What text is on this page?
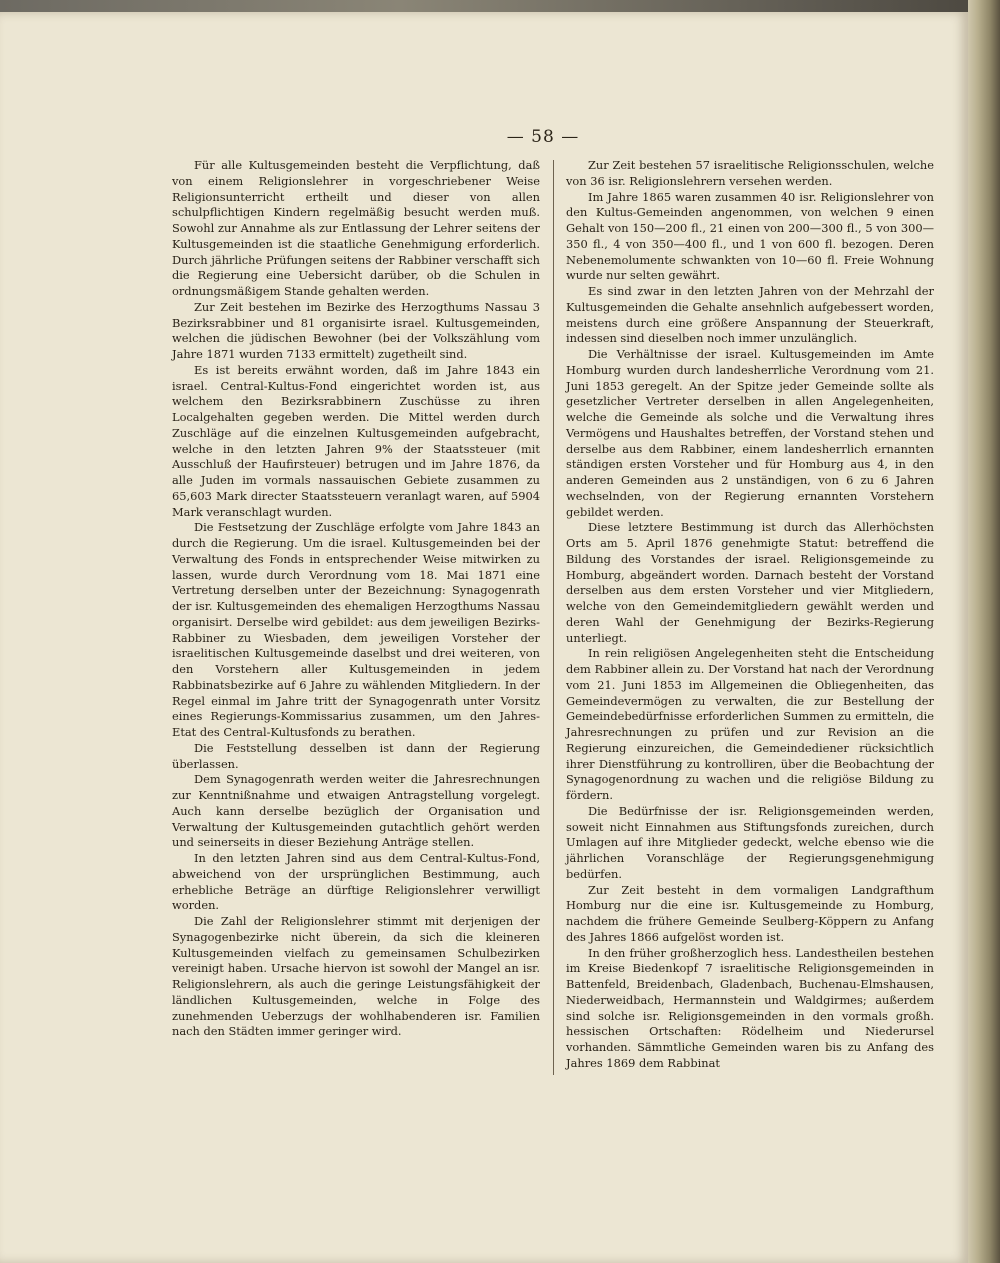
— 58 —

Für alle Kultusgemeinden besteht die Verpflichtung, daß von einem Religionslehrer in vorgeschriebener Weise Religionsunterricht ertheilt und dieser von allen schulpflichtigen Kindern regelmäßig besucht werden muß. Sowohl zur Annahme als zur Entlassung der Lehrer seitens der Kultusgemeinden ist die staatliche Genehmigung erforderlich. Durch jährliche Prüfungen seitens der Rabbiner verschafft sich die Regierung eine Uebersicht darüber, ob die Schulen in ordnungsmäßigem Stande gehalten werden.

Zur Zeit bestehen im Bezirke des Herzogthums Nassau 3 Bezirksrabbiner und 81 organisirte israel. Kultusgemeinden, welchen die jüdischen Bewohner (bei der Volkszählung vom Jahre 1871 wurden 7133 ermittelt) zugetheilt sind.

Es ist bereits erwähnt worden, daß im Jahre 1843 ein israel. Central-Kultus-Fond eingerichtet worden ist, aus welchem den Bezirksrabbinern Zuschüsse zu ihren Localgehalten gegeben werden. Die Mittel werden durch Zuschläge auf die einzelnen Kultusgemeinden aufgebracht, welche in den letzten Jahren 9% der Staatssteuer (mit Ausschluß der Haufirsteuer) betrugen und im Jahre 1876, da alle Juden im vormals nassauischen Gebiete zusammen zu 65,603 Mark directer Staatssteuern veranlagt waren, auf 5904 Mark veranschlagt wurden.

Die Festsetzung der Zuschläge erfolgte vom Jahre 1843 an durch die Regierung. Um die israel. Kultusgemeinden bei der Verwaltung des Fonds in entsprechender Weise mitwirken zu lassen, wurde durch Verordnung vom 18. Mai 1871 eine Vertretung derselben unter der Bezeichnung: Synagogenrath der isr. Kultusgemeinden des ehemaligen Herzogthums Nassau organisirt. Derselbe wird gebildet: aus dem jeweiligen Bezirks-Rabbiner zu Wiesbaden, dem jeweiligen Vorsteher der israelitischen Kultusgemeinde daselbst und drei weiteren, von den Vorstehern aller Kultusgemeinden in jedem Rabbinatsbezirke auf 6 Jahre zu wählenden Mitgliedern. In der Regel einmal im Jahre tritt der Synagogenrath unter Vorsitz eines Regierungs-Kommissarius zusammen, um den Jahres-Etat des Central-Kultusfonds zu berathen.

Die Feststellung desselben ist dann der Regierung überlassen.

Dem Synagogenrath werden weiter die Jahresrechnungen zur Kenntnißnahme und etwaigen Antragstellung vorgelegt. Auch kann derselbe bezüglich der Organisation und Verwaltung der Kultusgemeinden gutachtlich gehört werden und seinerseits in dieser Beziehung Anträge stellen.

In den letzten Jahren sind aus dem Central-Kultus-Fond, abweichend von der ursprünglichen Bestimmung, auch erhebliche Beträge an dürftige Religionslehrer verwilligt worden.

Die Zahl der Religionslehrer stimmt mit derjenigen der Synagogenbezirke nicht überein, da sich die kleineren Kultusgemeinden vielfach zu gemeinsamen Schulbezirken vereinigt haben. Ursache hiervon ist sowohl der Mangel an isr. Religionslehrern, als auch die geringe Leistungsfähigkeit der ländlichen Kultusgemeinden, welche in Folge des zunehmenden Ueberzugs der wohlhabenderen isr. Familien nach den Städten immer geringer wird.

Zur Zeit bestehen 57 israelitische Religionsschulen, welche von 36 isr. Religionslehrern versehen werden.

Im Jahre 1865 waren zusammen 40 isr. Religionslehrer von den Kultus-Gemeinden angenommen, von welchen 9 einen Gehalt von 150—200 fl., 21 einen von 200—300 fl., 5 von 300—350 fl., 4 von 350—400 fl., und 1 von 600 fl. bezogen. Deren Nebenemolumente schwankten von 10—60 fl. Freie Wohnung wurde nur selten gewährt.

Es sind zwar in den letzten Jahren von der Mehrzahl der Kultusgemeinden die Gehalte ansehnlich aufgebessert worden, meistens durch eine größere Anspannung der Steuerkraft, indessen sind dieselben noch immer unzulänglich.

Die Verhältnisse der israel. Kultusgemeinden im Amte Homburg wurden durch landesherrliche Verordnung vom 21. Juni 1853 geregelt. An der Spitze jeder Gemeinde sollte als gesetzlicher Vertreter derselben in allen Angelegenheiten, welche die Gemeinde als solche und die Verwaltung ihres Vermögens und Haushaltes betreffen, der Vorstand stehen und derselbe aus dem Rabbiner, einem landesherrlich ernannten ständigen ersten Vorsteher und für Homburg aus 4, in den anderen Gemeinden aus 2 unständigen, von 6 zu 6 Jahren wechselnden, von der Regierung ernannten Vorstehern gebildet werden.

Diese letztere Bestimmung ist durch das Allerhöchsten Orts am 5. April 1876 genehmigte Statut: betreffend die Bildung des Vorstandes der israel. Religionsgemeinde zu Homburg, abgeändert worden. Darnach besteht der Vorstand derselben aus dem ersten Vorsteher und vier Mitgliedern, welche von den Gemeindemitgliedern gewählt werden und deren Wahl der Genehmigung der Bezirks-Regierung unterliegt.

In rein religiösen Angelegenheiten steht die Entscheidung dem Rabbiner allein zu. Der Vorstand hat nach der Verordnung vom 21. Juni 1853 im Allgemeinen die Obliegenheiten, das Gemeindevermögen zu verwalten, die zur Bestellung der Gemeindebedürfnisse erforderlichen Summen zu ermitteln, die Jahresrechnungen zu prüfen und zur Revision an die Regierung einzureichen, die Gemeindediener rücksichtlich ihrer Dienstführung zu kontrolliren, über die Beobachtung der Synagogenordnung zu wachen und die religiöse Bildung zu fördern.

Die Bedürfnisse der isr. Religionsgemeinden werden, soweit nicht Einnahmen aus Stiftungsfonds zureichen, durch Umlagen auf ihre Mitglieder gedeckt, welche ebenso wie die jährlichen Voranschläge der Regierungsgenehmigung bedürfen.

Zur Zeit besteht in dem vormaligen Landgrafthum Homburg nur die eine isr. Kultusgemeinde zu Homburg, nachdem die frühere Gemeinde Seulberg-Köppern zu Anfang des Jahres 1866 aufgelöst worden ist.

In den früher großherzoglich hess. Landestheilen bestehen im Kreise Biedenkopf 7 israelitische Religionsgemeinden in Battenfeld, Breidenbach, Gladenbach, Buchenau-Elmshausen, Niederweidbach, Hermannstein und Waldgirmes; außerdem sind solche isr. Religionsgemeinden in den vormals großh. hessischen Ortschaften: Rödelheim und Niederursel vorhanden. Sämmtliche Gemeinden waren bis zu Anfang des Jahres 1869 dem Rabbinat
